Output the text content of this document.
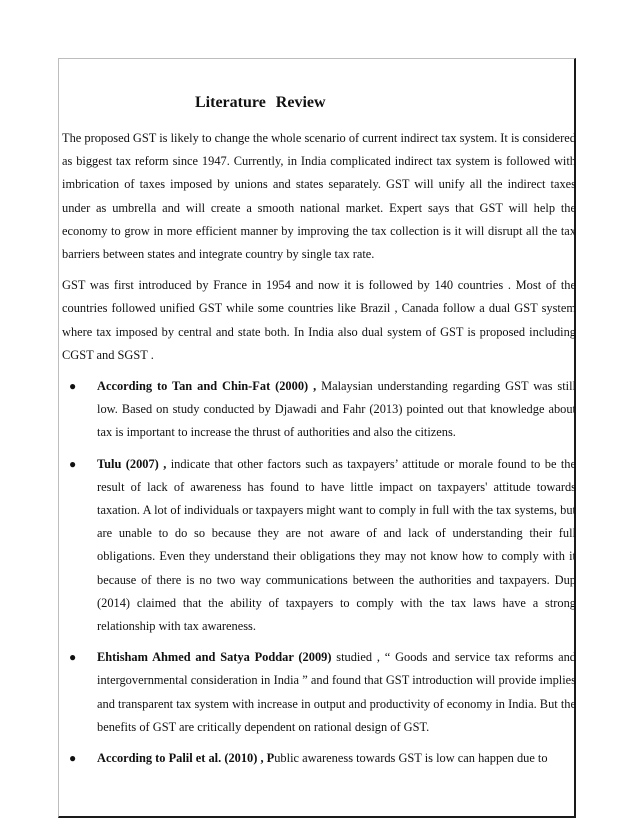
Literature Review

The proposed GST is likely to change the whole scenario of current indirect tax system. It is considered as biggest tax reform since 1947. Currently, in India complicated indirect tax system is followed with imbrication of taxes imposed by unions and states separately. GST will unify all the indirect taxes under as umbrella and will create a smooth national market. Expert says that GST will help the economy to grow in more efficient manner by improving the tax collection is it will disrupt all the tax barriers between states and integrate country by single tax rate.

GST was first introduced by France in 1954 and now it is followed by 140 countries . Most of the countries followed unified GST while some countries like Brazil , Canada follow a dual GST system where tax imposed by central and state both. In India also dual system of GST is proposed including CGST and SGST .

● According to Tan and Chin-Fat (2000) , Malaysian understanding regarding GST was still low. Based on study conducted by Djawadi and Fahr (2013) pointed out that knowledge about tax is important to increase the thrust of authorities and also the citizens.
● Tulu (2007) , indicate that other factors such as taxpayers’ attitude or morale found to be the result of lack of awareness has found to have little impact on taxpayers' attitude towards taxation. A lot of individuals or taxpayers might want to comply in full with the tax systems, but are unable to do so because they are not aware of and lack of understanding their full obligations. Even they understand their obligations they may not know how to comply with it because of there is no two way communications between the authorities and taxpayers. Dup (2014) claimed that the ability of taxpayers to comply with the tax laws have a strong relationship with tax awareness.
● Ehtisham Ahmed and Satya Poddar (2009) studied , “ Goods and service tax reforms and intergovernmental consideration in India ” and found that GST introduction will provide implies and transparent tax system with increase in output and productivity of economy in India. But the benefits of GST are critically dependent on rational design of GST.
● According to Palil et al. (2010) , Public awareness towards GST is low can happen due to
